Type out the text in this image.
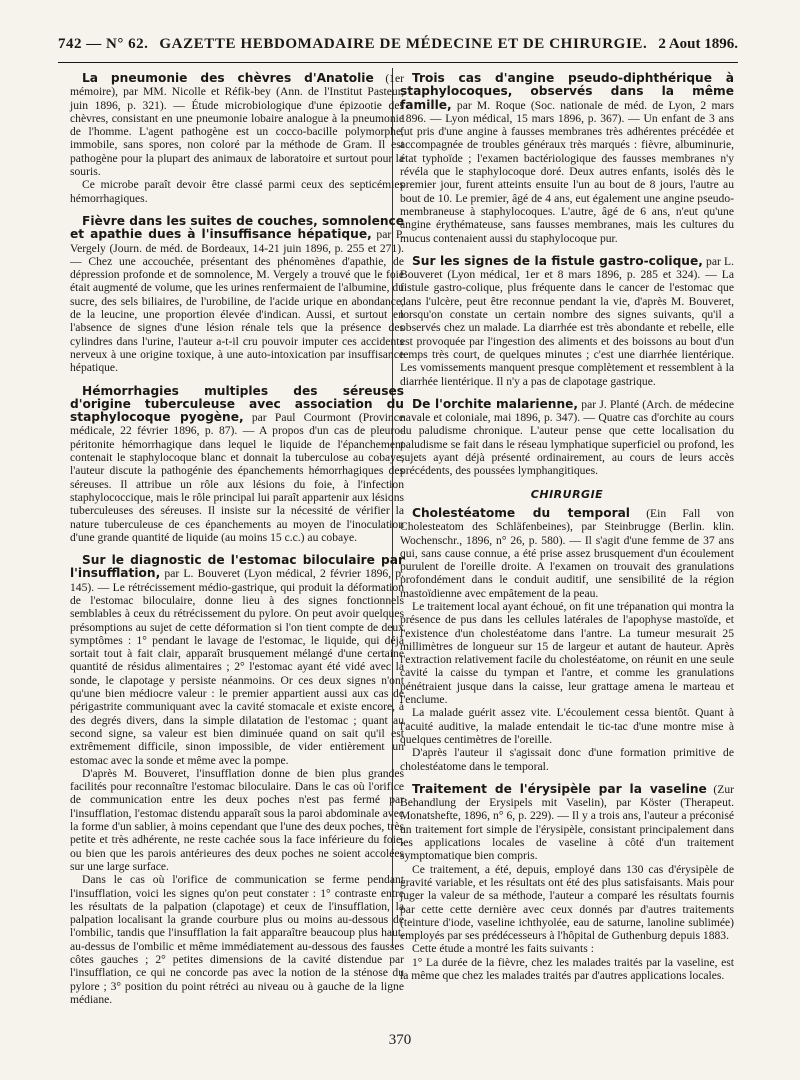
742 — N° 62. GAZETTE HEBDOMADAIRE DE MÉDECINE ET DE CHIRURGIE. 2 Aout 1896.

La pneumonie des chèvres d'Anatolie (1er mémoire), par MM. Nicolle et Réfik-bey (Ann. de l'Institut Pasteur, juin 1896, p. 321). — Étude microbiologique d'une épizootie des chèvres, consistant en une pneumonie lobaire analogue à la pneumonie de l'homme. L'agent pathogène est un cocco-bacille polymorphe, immobile, sans spores, non coloré par la méthode de Gram. Il est pathogène pour la plupart des animaux de laboratoire et surtout pour la souris.

Ce microbe paraît devoir être classé parmi ceux des septicémies hémorrhagiques.

Fièvre dans les suites de couches, somnolence et apathie dues à l'insuffisance hépatique, par P. Vergely (Journ. de méd. de Bordeaux, 14-21 juin 1896, p. 255 et 271). — Chez une accouchée, présentant des phénomènes d'apathie, de dépression profonde et de somnolence, M. Vergely a trouvé que le foie était augmenté de volume, que les urines renfermaient de l'albumine, du sucre, des sels biliaires, de l'urobiline, de l'acide urique en abondance, de la leucine, une proportion élevée d'indican. Aussi, et surtout en l'absence de signes d'une lésion rénale tels que la présence des cylindres dans l'urine, l'auteur a-t-il cru pouvoir imputer ces accidents nerveux à une origine toxique, à une auto-intoxication par insuffisance hépatique.

Hémorrhagies multiples des séreuses d'origine tuberculeuse avec association du staphylocoque pyogène, par Paul Courmont (Province médicale, 22 février 1896, p. 87). — A propos d'un cas de pleuro-péritonite hémorrhagique dans lequel le liquide de l'épanchement contenait le staphylocoque blanc et donnait la tuberculose au cobaye, l'auteur discute la pathogénie des épanchements hémorrhagiques des séreuses. Il attribue un rôle aux lésions du foie, à l'infection staphylococcique, mais le rôle principal lui paraît appartenir aux lésions tuberculeuses des séreuses. Il insiste sur la nécessité de vérifier la nature tuberculeuse de ces épanchements au moyen de l'inoculation d'une grande quantité de liquide (au moins 15 c.c.) au cobaye.

Sur le diagnostic de l'estomac biloculaire par l'insufflation, par L. Bouveret (Lyon médical, 2 février 1896, p. 145). — Le rétrécissement médio-gastrique, qui produit la déformation de l'estomac biloculaire, donne lieu à des signes fonctionnels semblables à ceux du rétrécissement du pylore. On peut avoir quelques présomptions au sujet de cette déformation si l'on tient compte de deux symptômes : 1° pendant le lavage de l'estomac, le liquide, qui déjà sortait tout à fait clair, apparaît brusquement mélangé d'une certaine quantité de résidus alimentaires ; 2° l'estomac ayant été vidé avec la sonde, le clapotage y persiste néanmoins. Or ces deux signes n'ont qu'une bien médiocre valeur : le premier appartient aussi aux cas de périgastrite communiquant avec la cavité stomacale et existe encore, à des degrés divers, dans la simple dilatation de l'estomac ; quant au second signe, sa valeur est bien diminuée quand on sait qu'il est extrêmement difficile, sinon impossible, de vider entièrement un estomac avec la sonde et même avec la pompe.

D'après M. Bouveret, l'insufflation donne de bien plus grandes facilités pour reconnaître l'estomac biloculaire. Dans le cas où l'orifice de communication entre les deux poches n'est pas fermé par l'insufflation, l'estomac distendu apparaît sous la paroi abdominale avec la forme d'un sablier, à moins cependant que l'une des deux poches, très petite et très adhérente, ne reste cachée sous la face inférieure du foie, ou bien que les parois antérieures des deux poches ne soient accolées sur une large surface.

Dans le cas où l'orifice de communication se ferme pendant l'insufflation, voici les signes qu'on peut constater : 1° contraste entre les résultats de la palpation (clapotage) et ceux de l'insufflation, la palpation localisant la grande courbure plus ou moins au-dessous de l'ombilic, tandis que l'insufflation la fait apparaître beaucoup plus haut, au-dessus de l'ombilic et même immédiatement au-dessous des fausses côtes gauches ; 2° petites dimensions de la cavité distendue par l'insufflation, ce qui ne concorde pas avec la notion de la sténose du pylore ; 3° position du point rétréci au niveau ou à gauche de la ligne médiane.

Trois cas d'angine pseudo-diphthérique à staphylocoques, observés dans la même famille, par M. Roque (Soc. nationale de méd. de Lyon, 2 mars 1896. — Lyon médical, 15 mars 1896, p. 367). — Un enfant de 3 ans fut pris d'une angine à fausses membranes très adhérentes précédée et accompagnée de troubles généraux très marqués : fièvre, albuminurie, état typhoïde ; l'examen bactériologique des fausses membranes n'y révéla que le staphylocoque doré. Deux autres enfants, isolés dès le premier jour, furent atteints ensuite l'un au bout de 8 jours, l'autre au bout de 10. Le premier, âgé de 4 ans, eut également une angine pseudo-membraneuse à staphylocoques. L'autre, âgé de 6 ans, n'eut qu'une angine érythémateuse, sans fausses membranes, mais les cultures du mucus contenaient aussi du staphylocoque pur.

Sur les signes de la fistule gastro-colique, par L. Bouveret (Lyon médical, 1er et 8 mars 1896, p. 285 et 324). — La fistule gastro-colique, plus fréquente dans le cancer de l'estomac que dans l'ulcère, peut être reconnue pendant la vie, d'après M. Bouveret, lorsqu'on constate un certain nombre des signes suivants, qu'il a observés chez un malade. La diarrhée est très abondante et rebelle, elle est provoquée par l'ingestion des aliments et des boissons au bout d'un temps très court, de quelques minutes ; c'est une diarrhée lientérique. Les vomissements manquent presque complètement et ressemblent à la diarrhée lientérique. Il n'y a pas de clapotage gastrique.

De l'orchite malarienne, par J. Planté (Arch. de médecine navale et coloniale, mai 1896, p. 347). — Quatre cas d'orchite au cours du paludisme chronique. L'auteur pense que cette localisation du paludisme se fait dans le réseau lymphatique superficiel ou profond, les sujets ayant déjà présenté ordinairement, au cours de leurs accès précédents, des poussées lymphangitiques.

CHIRURGIE

Cholestéatome du temporal (Ein Fall von Cholesteatom des Schläfenbeines), par Steinbrugge (Berlin. klin. Wochenschr., 1896, n° 26, p. 580). — Il s'agit d'une femme de 37 ans qui, sans cause connue, a été prise assez brusquement d'un écoulement purulent de l'oreille droite. A l'examen on trouvait des granulations profondément dans le conduit auditif, une sensibilité de la région mastoïdienne avec empâtement de la peau.

Le traitement local ayant échoué, on fit une trépanation qui montra la présence de pus dans les cellules latérales de l'apophyse mastoïde, et l'existence d'un cholestéatome dans l'antre. La tumeur mesurait 25 millimètres de longueur sur 15 de largeur et autant de hauteur. Après l'extraction relativement facile du cholestéatome, on réunit en une seule cavité la caisse du tympan et l'antre, et comme les granulations pénétraient jusque dans la caisse, leur grattage amena le marteau et l'enclume.

La malade guérit assez vite. L'écoulement cessa bientôt. Quant à l'acuité auditive, la malade entendait le tic-tac d'une montre mise à quelques centimètres de l'oreille.

D'après l'auteur il s'agissait donc d'une formation primitive de cholestéatome dans le temporal.

Traitement de l'érysipèle par la vaseline (Zur Behandlung der Erysipels mit Vaselin), par Köster (Therapeut. Monatshefte, 1896, n° 6, p. 229). — Il y a trois ans, l'auteur a préconisé un traitement fort simple de l'érysipèle, consistant principalement dans les applications locales de vaseline à côté d'un traitement symptomatique bien compris.

Ce traitement, a été, depuis, employé dans 130 cas d'érysipèle de gravité variable, et les résultats ont été des plus satisfaisants. Mais pour juger la valeur de sa méthode, l'auteur a comparé les résultats fournis par cette cette dernière avec ceux donnés par d'autres traitements (teinture d'iode, vaseline ichthyolée, eau de saturne, lanoline sublimée) employés par ses prédécesseurs à l'hôpital de Guthenburg depuis 1883.

Cette étude a montré les faits suivants :

1° La durée de la fièvre, chez les malades traités par la vaseline, est la même que chez les malades traités par d'autres applications locales.

370
